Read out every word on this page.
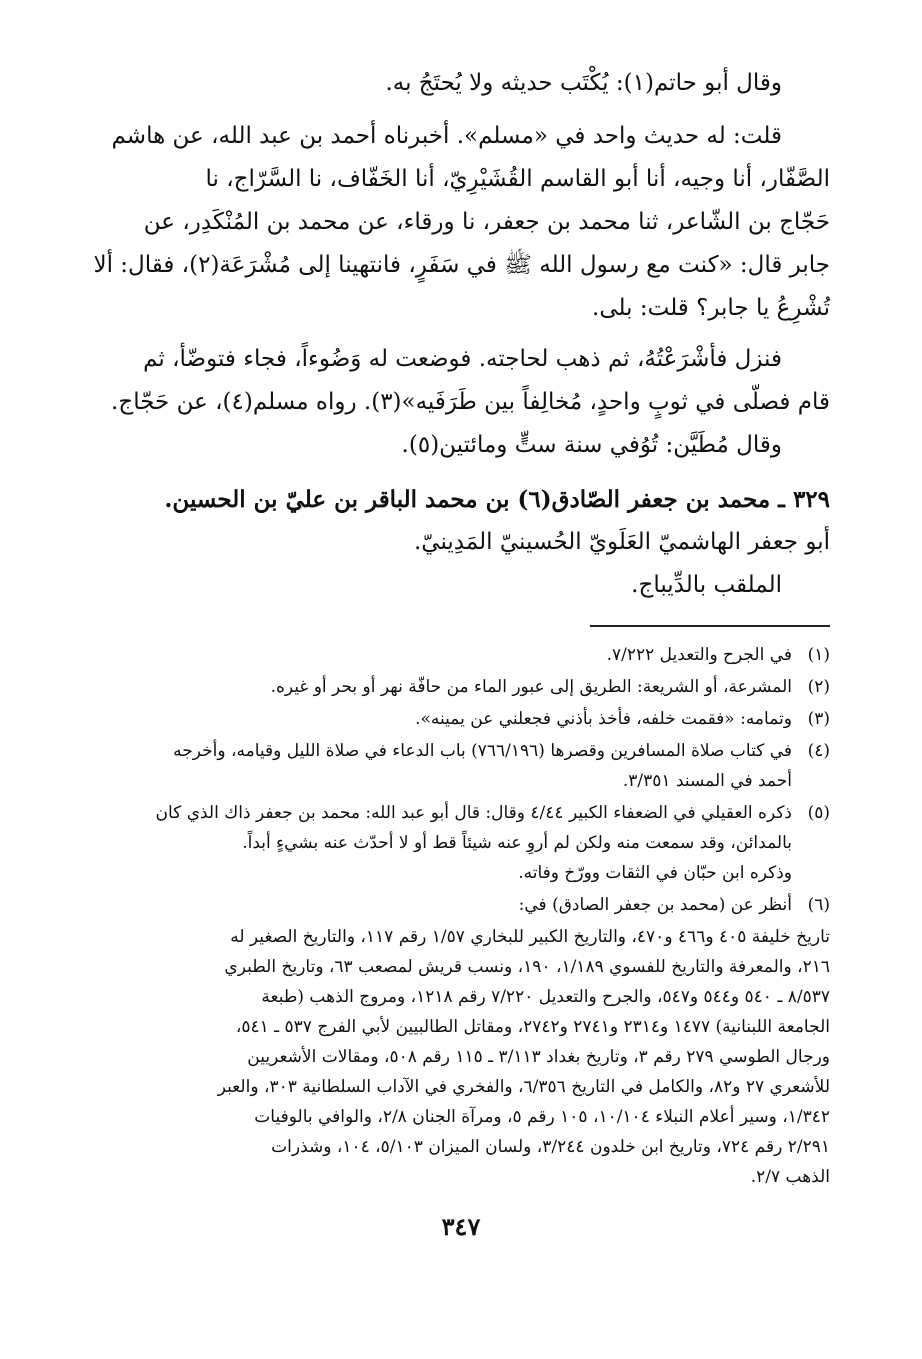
وقال أبو حاتم(١): يُكْتَب حديثه ولا يُحتَجُ به.

قلت: له حديث واحد في «مسلم». أخبرناه أحمد بن عبد الله، عن هاشم

الصَّفّار، أنا وجيه، أنا أبو القاسم القُشَيْرِيّ، أنا الخَفّاف، نا السَّرّاج، نا

حَجّاج بن الشّاعر، ثنا محمد بن جعفر، نا ورقاء، عن محمد بن المُنْكَدِر، عن

جابر قال: «كنت مع رسول الله ﷺ في سَفَرٍ، فانتهينا إلى مُشْرَعَة(٢)، فقال: ألا

تُشْرِعُ يا جابر؟ قلت: بلى.

فنزل فأشْرَعْتُهُ، ثم ذهب لحاجته. فوضعت له وَضُوءاً، فجاء فتوضّأ، ثم

قام فصلّى في ثوبٍ واحدٍ، مُخالِفاً بين طَرَفَيه»(٣). رواه مسلم(٤)، عن حَجّاج.

وقال مُطَيَّن: تُوُفي سنة ستٍّ ومائتين(٥).

٣٢٩ ـ محمد بن جعفر الصّادق(٦) بن محمد الباقر بن عليّ بن الحسين.

أبو جعفر الهاشميّ العَلَويّ الحُسينيّ المَدِينيّ.

الملقب بالدِّيباج.

(١)
في الجرح والتعديل ٧/٢٢٢.
(٢)
المشرعة، أو الشريعة: الطريق إلى عبور الماء من حافّة نهر أو بحر أو غيره.
(٣)
وتمامه: «فقمت خلفه، فأخذ بأذني فجعلني عن يمينه».
(٤)
في كتاب صلاة المسافرين وقصرها (٧٦٦/١٩٦) باب الدعاء في صلاة الليل وقيامه، وأخرجه
أحمد في المسند ٣/٣٥١.
(٥)
ذكره العقيلي في الضعفاء الكبير ٤/٤٤ وقال: قال أبو عبد الله: محمد بن جعفر ذاك الذي كان
بالمدائن، وقد سمعت منه ولكن لم أروِ عنه شيئاً قط أو لا أحدّث عنه بشيءٍ أبداً.
وذكره ابن حبّان في الثقات وورّخ وفاته.
(٦)
أنظر عن (محمد بن جعفر الصادق) في:

تاريخ خليفة ٤٠٥ و٤٦٦ و٤٧٠، والتاريخ الكبير للبخاري ١/٥٧ رقم ١١٧، والتاريخ الصغير له

٢١٦، والمعرفة والتاريخ للفسوي ١/١٨٩، ١٩٠، ونسب قريش لمصعب ٦٣، وتاريخ الطبري

٨/٥٣٧ ـ ٥٤٠ و٥٤٤ و٥٤٧، والجرح والتعديل ٧/٢٢٠ رقم ١٢١٨، ومروج الذهب (طبعة

الجامعة اللبنانية) ١٤٧٧ و٢٣١٤ و٢٧٤١ و٢٧٤٢، ومقاتل الطالبيين لأبي الفرج ٥٣٧ ـ ٥٤١،

ورجال الطوسي ٢٧٩ رقم ٣، وتاريخ بغداد ٣/١١٣ ـ ١١٥ رقم ٥٠٨، ومقالات الأشعريين

للأشعري ٢٧ و٨٢، والكامل في التاريخ ٦/٣٥٦، والفخري في الآداب السلطانية ٣٠٣، والعبر

١/٣٤٢، وسير أعلام النبلاء ١٠/١٠٤، ١٠٥ رقم ٥، ومرآة الجنان ٢/٨، والوافي بالوفيات

٢/٢٩١ رقم ٧٢٤، وتاريخ ابن خلدون ٣/٢٤٤، ولسان الميزان ٥/١٠٣، ١٠٤، وشذرات

الذهب ٢/٧.

٣٤٧
